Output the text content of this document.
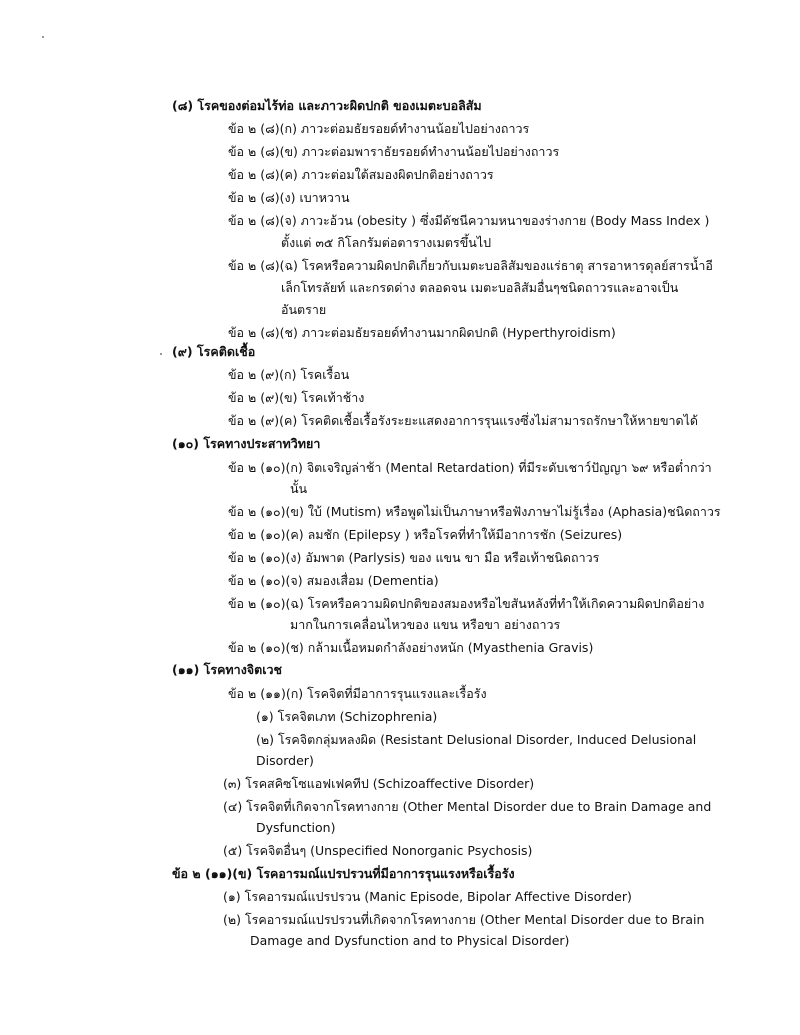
(๘) โรคของต่อมไร้ท่อ และภาวะผิดปกติ ของเมตะบอลิสัม
ข้อ ๒ (๘)(ก) ภาวะต่อมธัยรอยด์ทำงานน้อยไปอย่างถาวร
ข้อ ๒ (๘)(ข) ภาวะต่อมพาราธัยรอยด์ทำงานน้อยไปอย่างถาวร
ข้อ ๒ (๘)(ค) ภาวะต่อมใต้สมองผิดปกติอย่างถาวร
ข้อ ๒ (๘)(ง) เบาหวาน
ข้อ ๒ (๘)(จ) ภาวะอ้วน (obesity ) ซึ่งมีดัชนีความหนาของร่างกาย (Body Mass Index )
ตั้งแต่ ๓๕ กิโลกรัมต่อตารางเมตรขึ้นไป
ข้อ ๒ (๘)(ฉ) โรคหรือความผิดปกติเกี่ยวกับเมตะบอลิสัมของแร่ธาตุ สารอาหารดุลย์สารน้ำอี
เล็กโทรลัยท์ และกรดด่าง ตลอดจน เมตะบอลิสัมอื่นๆชนิดถาวรและอาจเป็น
อันตราย
ข้อ ๒ (๘)(ช) ภาวะต่อมธัยรอยด์ทำงานมากผิดปกติ (Hyperthyroidism)
(๙) โรคติดเชื้อ
ข้อ ๒ (๙)(ก) โรคเรื้อน
ข้อ ๒ (๙)(ข) โรคเท้าช้าง
ข้อ ๒ (๙)(ค) โรคติดเชื้อเรื้อรังระยะแสดงอาการรุนแรงซึ่งไม่สามารถรักษาให้หายขาดได้
(๑๐) โรคทางประสาทวิทยา
ข้อ ๒ (๑๐)(ก) จิตเจริญล่าช้า (Mental Retardation) ที่มีระดับเชาว์ปัญญา ๖๙ หรือต่ำกว่า
นั้น
ข้อ ๒ (๑๐)(ข) ใบ้ (Mutism) หรือพูดไม่เป็นภาษาหรือฟังภาษาไม่รู้เรื่อง (Aphasia)ชนิดถาวร
ข้อ ๒ (๑๐)(ค) ลมชัก (Epilepsy ) หรือโรคที่ทำให้มีอาการชัก (Seizures)
ข้อ ๒ (๑๐)(ง) อัมพาต (Parlysis) ของ แขน ขา มือ หรือเท้าชนิดถาวร
ข้อ ๒ (๑๐)(จ) สมองเสื่อม (Dementia)
ข้อ ๒ (๑๐)(ฉ) โรคหรือความผิดปกติของสมองหรือไขสันหลังที่ทำให้เกิดความผิดปกติอย่าง
มากในการเคลื่อนไหวของ แขน หรือขา อย่างถาวร
ข้อ ๒ (๑๐)(ช) กล้ามเนื้อหมดกำลังอย่างหนัก (Myasthenia Gravis)
(๑๑) โรคทางจิตเวช
ข้อ ๒ (๑๑)(ก) โรคจิตที่มีอาการรุนแรงและเรื้อรัง
(๑) โรคจิตเภท (Schizophrenia)
(๒) โรคจิตกลุ่มหลงผิด (Resistant Delusional Disorder, Induced Delusional
Disorder)
(๓) โรคสคิซโซแอฟเฟคทีป (Schizoaffective Disorder)
(๔) โรคจิตที่เกิดจากโรคทางกาย (Other Mental Disorder due to Brain Damage and
Dysfunction)
(๕) โรคจิตอื่นๆ (Unspecified Nonorganic Psychosis)
ข้อ ๒ (๑๑)(ข) โรคอารมณ์แปรปรวนที่มีอาการรุนแรงหรือเรื้อรัง
(๑) โรคอารมณ์แปรปรวน (Manic Episode, Bipolar Affective Disorder)
(๒) โรคอารมณ์แปรปรวนที่เกิดจากโรคทางกาย (Other Mental Disorder due to Brain
Damage and Dysfunction and to Physical Disorder)
